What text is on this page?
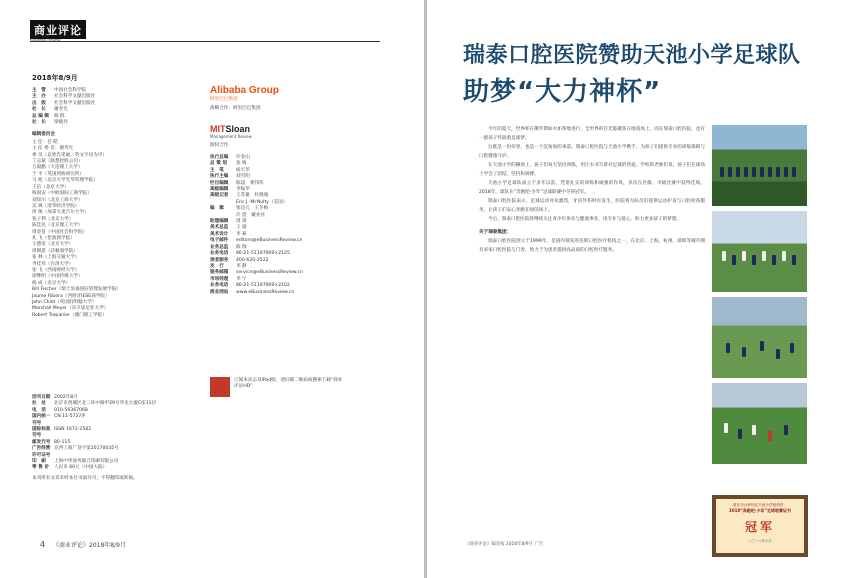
商业评论
Business Review
2018年8/9月
主　管	中国社会科学院
主　办	社会科学文献出版社
出　版	社会科学文献出版社
社　长	谢寿光
总 编 辑	杨 群
社　长	梁晓玲
编辑委员会
主 任：任 皓
主 任 委 员：谢寿光
委 员（以姓氏笔画／英文字母为序）
丁志斌（联想控股公司）
万毅勤（大连理工大学）
于 平（英国剑桥研究所）
马 旭（北京大学光华管理学院）
王信（北京大学）
杨国安（中欧国际工商学院）
刘知川（北京工商大学）
吴 飒（清华经济学院）
汤 俊（加拿大麦吉尔大学）
张子利（北京大学）
陈佳民（北京理工大学）
周金苗（中国社会科学院）
孔 飞（伦敦商学院）
王德发（北京大学）
周朝恩（沃顿商学院）
张 林（上海交通大学）
齐佳伟（台湾大学）
张 飞（西南财经大学）
徐继明（中国传媒大学）
杨 成（北京大学）
Bill Fischer（瑞士洛桑国际管理发展学院）
Jaume Ribera（西班牙IESE商学院）
John Child（英国伯明翰大学）
Marshall Meyer（宾夕法尼亚大学）
Robert Trepanier（澳门理工学院）
Alibaba Group
阿里巴巴集团
战略合作：阿里巴巴集团
MITSloan
Management Review
版权合作
执行总编	许金山
总 策 划	张 梅
主　笔	杨天华
执行主编	刘雪明
栏目编辑	陈超　龚伟伟
高级编辑	李振华
高级记者	王苏雄　杜晓瑜
Eric J. McNulty（美国）
编　辑	张迈元　王冬梅
许 莲　戴业亮
助理编辑	周 琦
美术总监	王 瑜
美术设计	李 莉
电子邮件	editors@eBusinessReview.cn
业务总监	陈 伽
业务电话	86-21-51197900×2125
读者服务	400-620-2522
发　行	李 静
服务邮箱	service@eBusinessReview.cn
市场经理	李 宁
业务电话	86-21-51197900×2102
商业网站	www.eBusinessReview.cn
订阅本杂志及iPad版，请扫描二维码或搜索下载“商业评论HD”
创刊日期 2002年8月
社　址	北京市西城区北三环中路甲29号华龙大厦C座11层
电　话	010-59367068
国内统一刊号
CN 11-5727/F
国际标准刊号
ISSN 1672-2582
邮发代号 80-115
广告经营许可证号
京西工商广登字第20170035号
印　刷	上海中华商务联合印刷有限公司
零 售 价	人民币 60元（中国大陆）
本刊所有文章未经本社书面许可，不得翻印或转载。
4 《商业评论》2018年8/9月
瑞泰口腔医院赞助天池小学足球队
助梦“大力神杯”

今年的夏天，世界杯在俄罗斯如火如荼地进行，全世界的目光都聚焦在绿茵场上。而在瑞泰口腔医院，也有一群孩子怀揣着足球梦。

这既是一份荣誉，也是一个沉甸甸的承诺。瑞泰口腔医院与天池小学携手，为孩子们提供专业的训练保障与口腔健康守护。

在天池小学的操场上，孩子们每天坚持训练，用汗水书写着对足球的热爱。学校的老师们说，孩子们在球场上学会了团结、坚持和拼搏。

天池小学足球队成立于多年以前，凭借扎实的训练和顽强的作风，多次在区级、市级比赛中获得佳绩。2018年，球队在“奔跑吧·少年”足球联赛中夺得冠军。

瑞泰口腔医院表示，足球运动对抗激烈，牙齿外伤时有发生，医院将为队员们提供运动护齿与口腔检查服务，让孩子们安心奔跑在绿茵场上。

今后，瑞泰口腔医院将继续关注青少年体育与健康事业，用专业与爱心，助力更多孩子的梦想。

关于瑞泰集团：

瑞泰口腔医院创立于1999年，是国内领先的连锁口腔医疗机构之一，在北京、上海、杭州、深圳等城市拥有多家口腔医院与门诊，致力于为患者提供高品质的口腔医疗服务。

重庆市沙坪坝区天池小学校荣获：
2018“奔跑吧·少年”足球联赛证书
冠军
二〇一八年六月
《商业评论》编者按 2018年8/9月 广告
